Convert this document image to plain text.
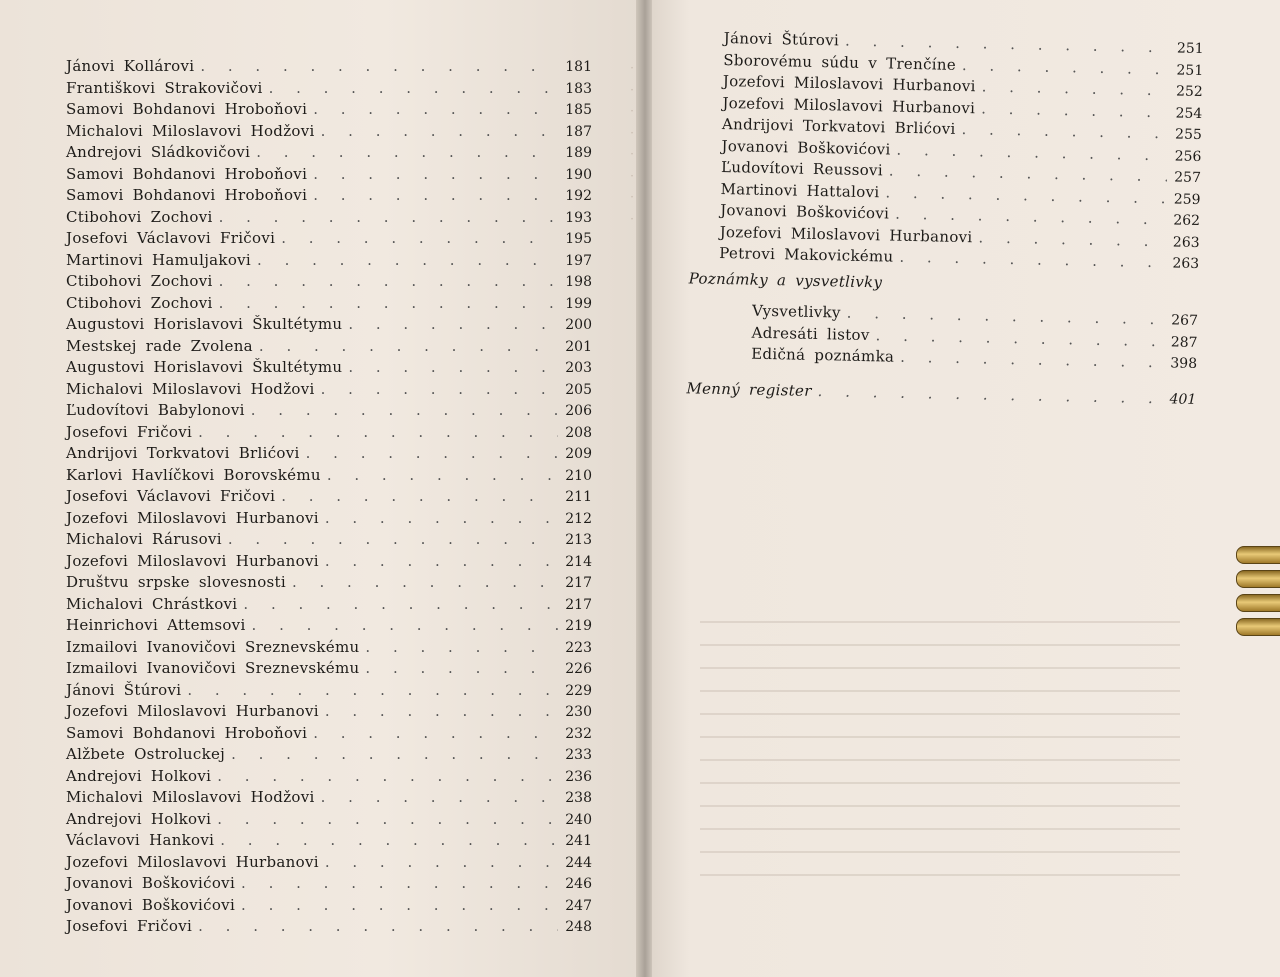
·
·
·
·
·
·
·
·
Jánovi Kollárovi . . .	181
Františkovi Strakovičovi . . .	183
Samovi Bohdanovi Hroboňovi . . .	185
Michalovi Miloslavovi Hodžovi . . .	187
Andrejovi Sládkovičovi . . .	189
Samovi Bohdanovi Hroboňovi . . .	190
Samovi Bohdanovi Hroboňovi . . .	192
Ctibohovi Zochovi . . .	193
Josefovi Václavovi Fričovi . . .	195
Martinovi Hamuljakovi . . .	197
Ctibohovi Zochovi . . .	198
Ctibohovi Zochovi . . .	199
Augustovi Horislavovi Škultétymu . . .	200
Mestskej rade Zvolena . . .	201
Augustovi Horislavovi Škultétymu . . .	203
Michalovi Miloslavovi Hodžovi . . .	205
Ľudovítovi Babylonovi . . .	206
Josefovi Fričovi . . .	208
Andrijovi Torkvatovi Brlićovi . . .	209
Karlovi Havlíčkovi Borovskému . . .	210
Josefovi Václavovi Fričovi . . .	211
Jozefovi Miloslavovi Hurbanovi . . .	212
Michalovi Rárusovi . . .	213
Jozefovi Miloslavovi Hurbanovi . . .	214
Društvu srpske slovesnosti . . .	217
Michalovi Chrástkovi . . .	217
Heinrichovi Attemsovi . . .	219
Izmailovi Ivanovičovi Sreznevskému . . .	223
Izmailovi Ivanovičovi Sreznevskému . . .	226
Jánovi Štúrovi . . .	229
Jozefovi Miloslavovi Hurbanovi . . .	230
Samovi Bohdanovi Hroboňovi . . .	232
Alžbete Ostroluckej . . .	233
Andrejovi Holkovi . . .	236
Michalovi Miloslavovi Hodžovi . . .	238
Andrejovi Holkovi . . .	240
Václavovi Hankovi . . .	241
Jozefovi Miloslavovi Hurbanovi . . .	244
Jovanovi Boškovićovi . . .	246
Jovanovi Boškovićovi . . .	247
Josefovi Fričovi . . .	248
Jánovi Štúrovi . . .	251
Sborovému súdu v Trenčíne . . .	251
Jozefovi Miloslavovi Hurbanovi . . .	252
Jozefovi Miloslavovi Hurbanovi . . .	254
Andrijovi Torkvatovi Brlićovi . . .	255
Jovanovi Boškovićovi . . .	256
Ľudovítovi Reussovi . . .	257
Martinovi Hattalovi . . .	259
Jovanovi Boškovićovi . . .	262
Jozefovi Miloslavovi Hurbanovi . . .	263
Petrovi Makovickému . . .	263
Poznámky a vysvetlivky
Vysvetlivky . . .	267
Adresáti listov . . .	287
Edičná poznámka . . .	398
Menný register . . .	401
